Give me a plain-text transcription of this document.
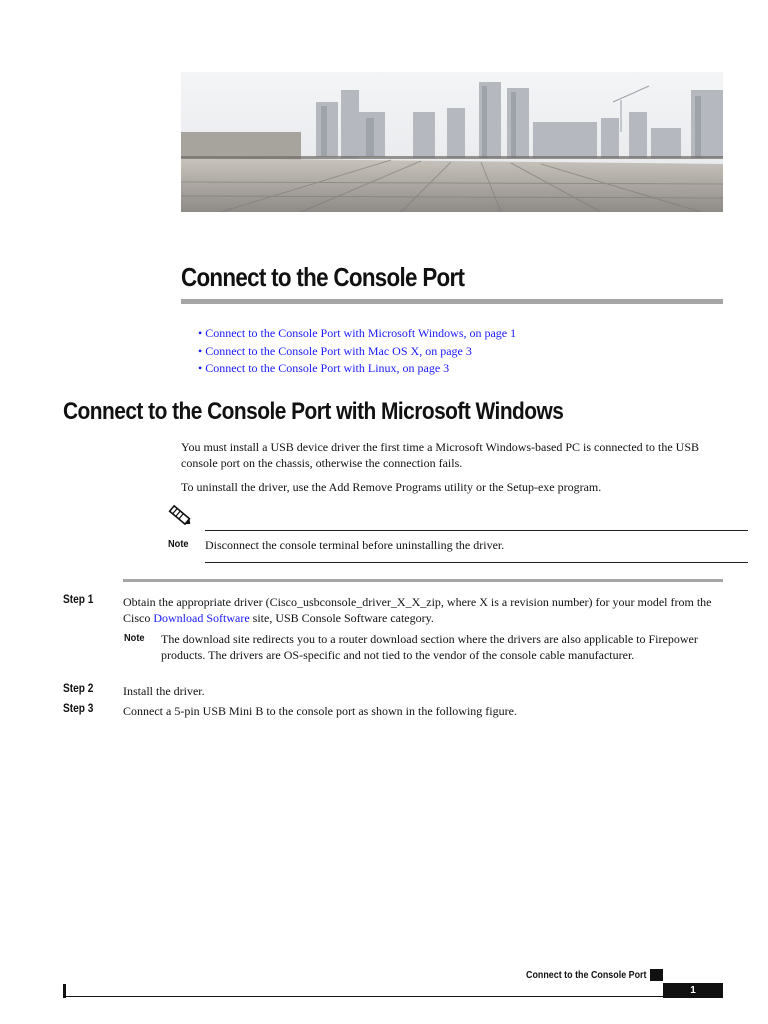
Connect to the Console Port
• Connect to the Console Port with Microsoft Windows, on page 1
• Connect to the Console Port with Mac OS X, on page 3
• Connect to the Console Port with Linux, on page 3
Connect to the Console Port with Microsoft Windows
You must install a USB device driver the first time a Microsoft Windows-based PC is connected to the USB console port on the chassis, otherwise the connection fails.
To uninstall the driver, use the Add Remove Programs utility or the Setup-exe program.
Note Disconnect the console terminal before uninstalling the driver.
Step 1 Obtain the appropriate driver (Cisco_usbconsole_driver_X_X_zip, where X is a revision number) for your model from the Cisco Download Software site, USB Console Software category.
Note The download site redirects you to a router download section where the drivers are also applicable to Firepower products. The drivers are OS-specific and not tied to the vendor of the console cable manufacturer.
Step 2 Install the driver.
Step 3 Connect a 5-pin USB Mini B to the console port as shown in the following figure.
Connect to the Console Port
1
